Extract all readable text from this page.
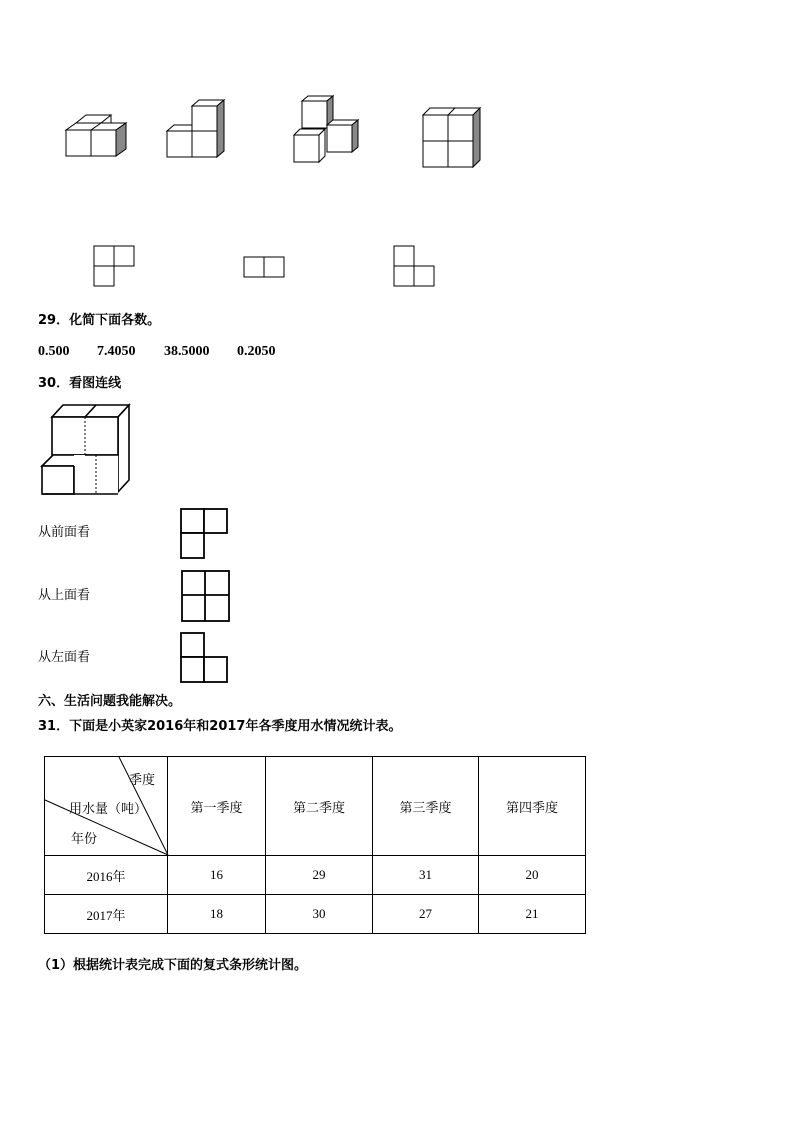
29．化简下面各数。
0.500 7.4050 38.5000 0.2050
30．看图连线
从前面看
从上面看
从左面看
六、生活问题我能解决。
31．下面是小英家2016年和2017年各季度用水情况统计表。
季度
用水量（吨）
年份	第一季度	第二季度	第三季度	第四季度
2016年	16	29	31	20
2017年	18	30	27	21
（1）根据统计表完成下面的复式条形统计图。
